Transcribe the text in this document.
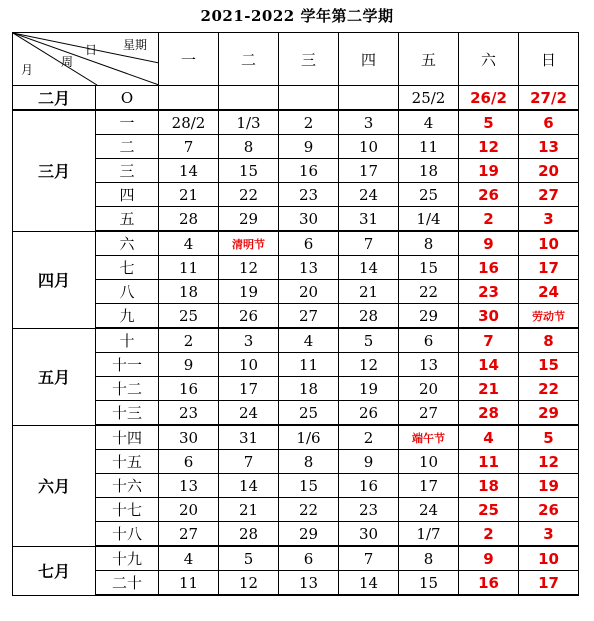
2021-2022 学年第二学期
星期
日
周
月		一	二	三	四	五	六	日
二月	O					25/2	26/2	27/2
三月	一	28/2	1/3	2	3	4	5	6
	二	7	8	9	10	11	12	13
	三	14	15	16	17	18	19	20
	四	21	22	23	24	25	26	27
	五	28	29	30	31	1/4	2	3
四月	六	4	清明节	6	7	8	9	10
	七	11	12	13	14	15	16	17
	八	18	19	20	21	22	23	24
	九	25	26	27	28	29	30	劳动节
五月	十	2	3	4	5	6	7	8
	十一	9	10	11	12	13	14	15
	十二	16	17	18	19	20	21	22
	十三	23	24	25	26	27	28	29
六月	十四	30	31	1/6	2	端午节	4	5
	十五	6	7	8	9	10	11	12
	十六	13	14	15	16	17	18	19
	十七	20	21	22	23	24	25	26
	十八	27	28	29	30	1/7	2	3
七月	十九	4	5	6	7	8	9	10
	二十	11	12	13	14	15	16	17
